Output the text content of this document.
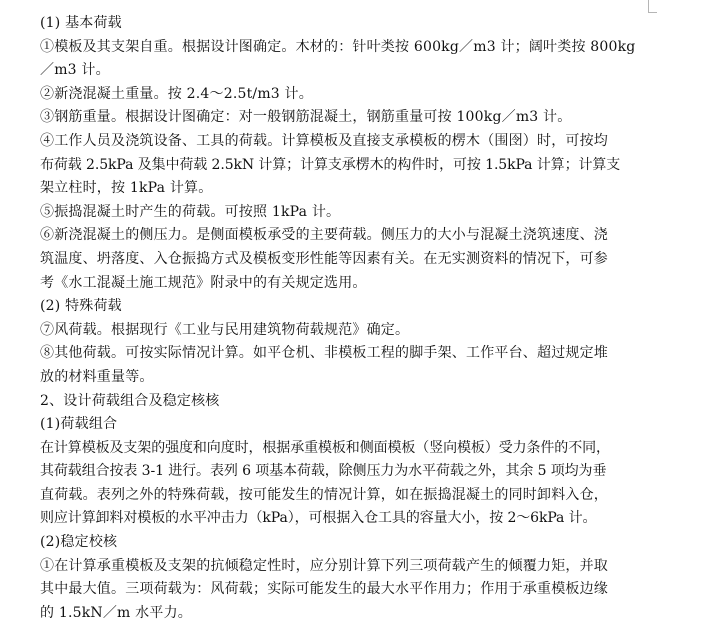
(1) 基本荷载
①模板及其支架自重。根据设计图确定。木材的：针叶类按 600kg／m3 计；阔叶类按 800kg
／m3 计。
②新浇混凝土重量。按 2.4～2.5t/m3 计。
③钢筋重量。根据设计图确定：对一般钢筋混凝土，钢筋重量可按 100kg／m3 计。
④工作人员及浇筑设备、工具的荷载。计算模板及直接支承模板的楞木（围囹）时，可按均
布荷载 2.5kPa 及集中荷载 2.5kN 计算；计算支承楞木的构件时，可按 1.5kPa 计算；计算支
架立柱时，按 1kPa 计算。
⑤振捣混凝土时产生的荷载。可按照 1kPa 计。
⑥新浇混凝土的侧压力。是侧面模板承受的主要荷载。侧压力的大小与混凝土浇筑速度、浇
筑温度、坍落度、入仓振捣方式及模板变形性能等因素有关。在无实测资料的情况下，可参
考《水工混凝土施工规范》附录中的有关规定选用。
(2) 特殊荷载
⑦风荷载。根据现行《工业与民用建筑物荷载规范》确定。
⑧其他荷载。可按实际情况计算。如平仓机、非模板工程的脚手架、工作平台、超过规定堆
放的材料重量等。
2、设计荷载组合及稳定核核
(1)荷载组合
在计算模板及支架的强度和向度时，根据承重模板和侧面模板（竖向模板）受力条件的不同，
其荷载组合按表 3-1 进行。表列 6 项基本荷载，除侧压力为水平荷载之外，其余 5 项均为垂
直荷载。表列之外的特殊荷载，按可能发生的情况计算，如在振捣混凝土的同时卸料入仓，
则应计算卸料对模板的水平冲击力（kPa），可根据入仓工具的容量大小，按 2～6kPa 计。
(2)稳定校核
①在计算承重模板及支架的抗倾稳定性时，应分别计算下列三项荷载产生的倾覆力矩，并取
其中最大值。三项荷载为：风荷载；实际可能发生的最大水平作用力；作用于承重模板边缘
的 1.5kN／m 水平力。
